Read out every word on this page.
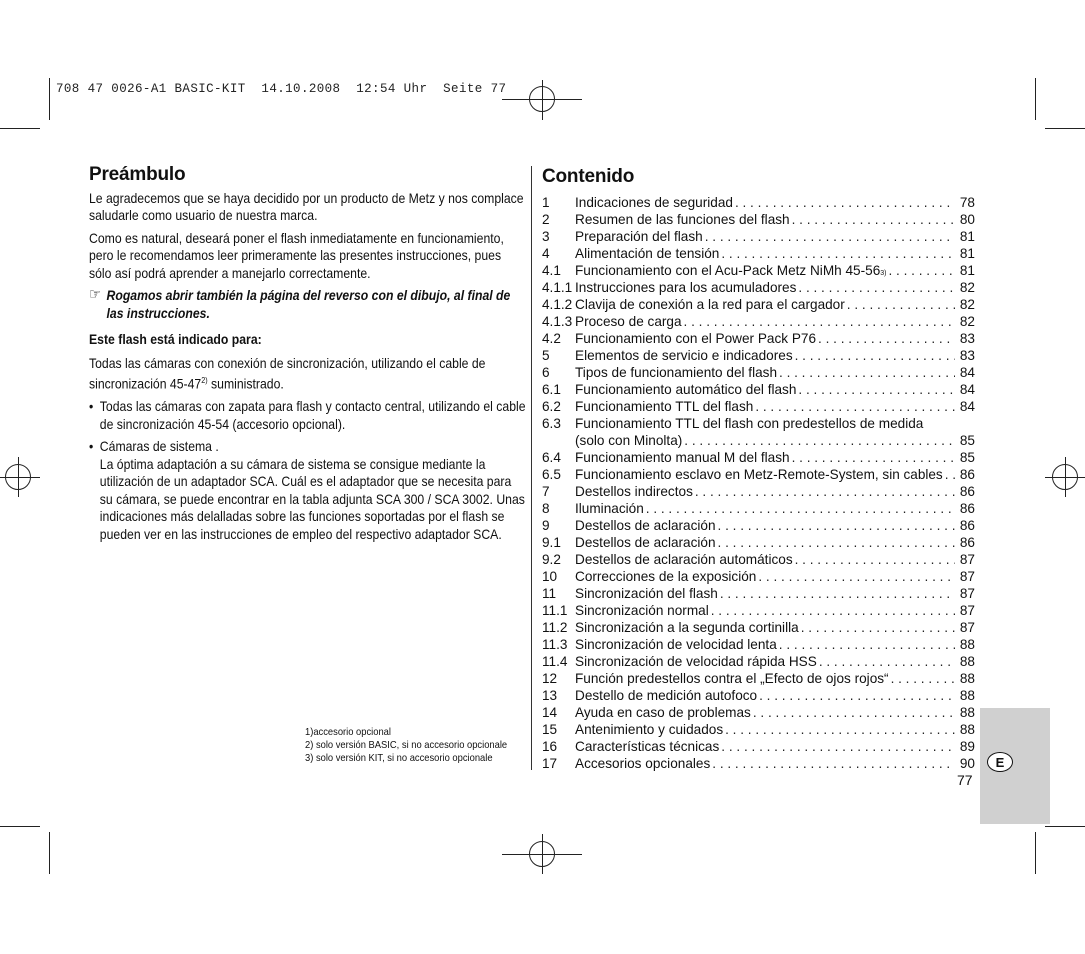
708 47 0026-A1 BASIC-KIT  14.10.2008  12:54 Uhr  Seite 77
Preámbulo

Le agradecemos que se haya decidido por un producto de Metz y nos complace saludarle como usuario de nuestra marca.

Como es natural, deseará poner el flash inmediatamente en funcionamiento, pero le recomendamos leer primeramente las presentes instrucciones, pues sólo así podrá aprender a manejarlo correctamente.

☞ Rogamos abrir también la página del reverso con el dibujo, al final de las instrucciones.
Este flash está indicado para:

Todas las cámaras con conexión de sincronización, utilizando el cable de sincronización 45-47$^{2)}$ suministrado.

• Todas las cámaras con zapata para flash y contacto central, utilizando el cable de sincronización 45-54 (accesorio opcional).
• Cámaras de sistema .
La óptima adaptación a su cámara de sistema se consigue mediante la utilización de un adaptador SCA. Cuál es el adaptador que se necesita para su cámara, se puede encontrar en la tabla adjunta SCA 300 / SCA 3002. Unas indicaciones más delalladas sobre las funciones soportadas por el flash se pueden ver en las instrucciones de empleo del respectivo adaptador SCA.
1)accesorio opcional
2) solo versión BASIC, si no accesorio opcionale
3) solo versión KIT, si no accesorio opcionale
Contenido
1	Indicaciones de seguridad . . .	78
2	Resumen de las funciones del flash . . .	80
3	Preparación del flash . . .	81
4	Alimentación de tensión . . .	81
4.1	Funcionamiento con el Acu-Pack Metz NiMh $45-56_{3)}$ . . .	81
4.1.1 Instrucciones para los acumuladores . . .	82
4.1.2 Clavija de conexión a la red para el cargador . . .	82
4.1.3 Proceso de carga . . .	82
4.2	Funcionamiento con el Power Pack P76 . . .	83
5	Elementos de servicio e indicadores . . .	83
6	Tipos de funcionamiento del flash . . .	84
6.1	Funcionamiento automático del flash . . .	84
6.2	Funcionamiento TTL del flash . . .	84
6.3	Funcionamiento TTL del flash con predestellos de medida
(solo con Minolta) . . .	85
6.4	Funcionamiento manual M del flash . . .	85
6.5	Funcionamiento esclavo en Metz-Remote-System, sin cables . . . 86
7	Destellos indirectos . . .	86
8	Iluminación . . .	86
9	Destellos de aclaración . . .	86
9.1	Destellos de aclaración . . .	86
9.2	Destellos de aclaración automáticos . . .	87
10	Correcciones de la exposición . . .	87
11	Sincronización del flash . . .	87
11.1 Sincronización normal . . .	87
11.2 Sincronización a la segunda cortinilla . . .	87
11.3 Sincronización de velocidad lenta . . .	88
11.4 Sincronización de velocidad rápida HSS . . .	88
12	Función predestellos contra el „Efecto de ojos rojos“ . . .	88
13	Destello de medición autofoco . . .	88
14	Ayuda en caso de problemas . . .	88
15	Antenimiento y cuidados . . .	88
16	Características técnicas . . .	89
17	Accesorios opcionales . . .	90	E
77
